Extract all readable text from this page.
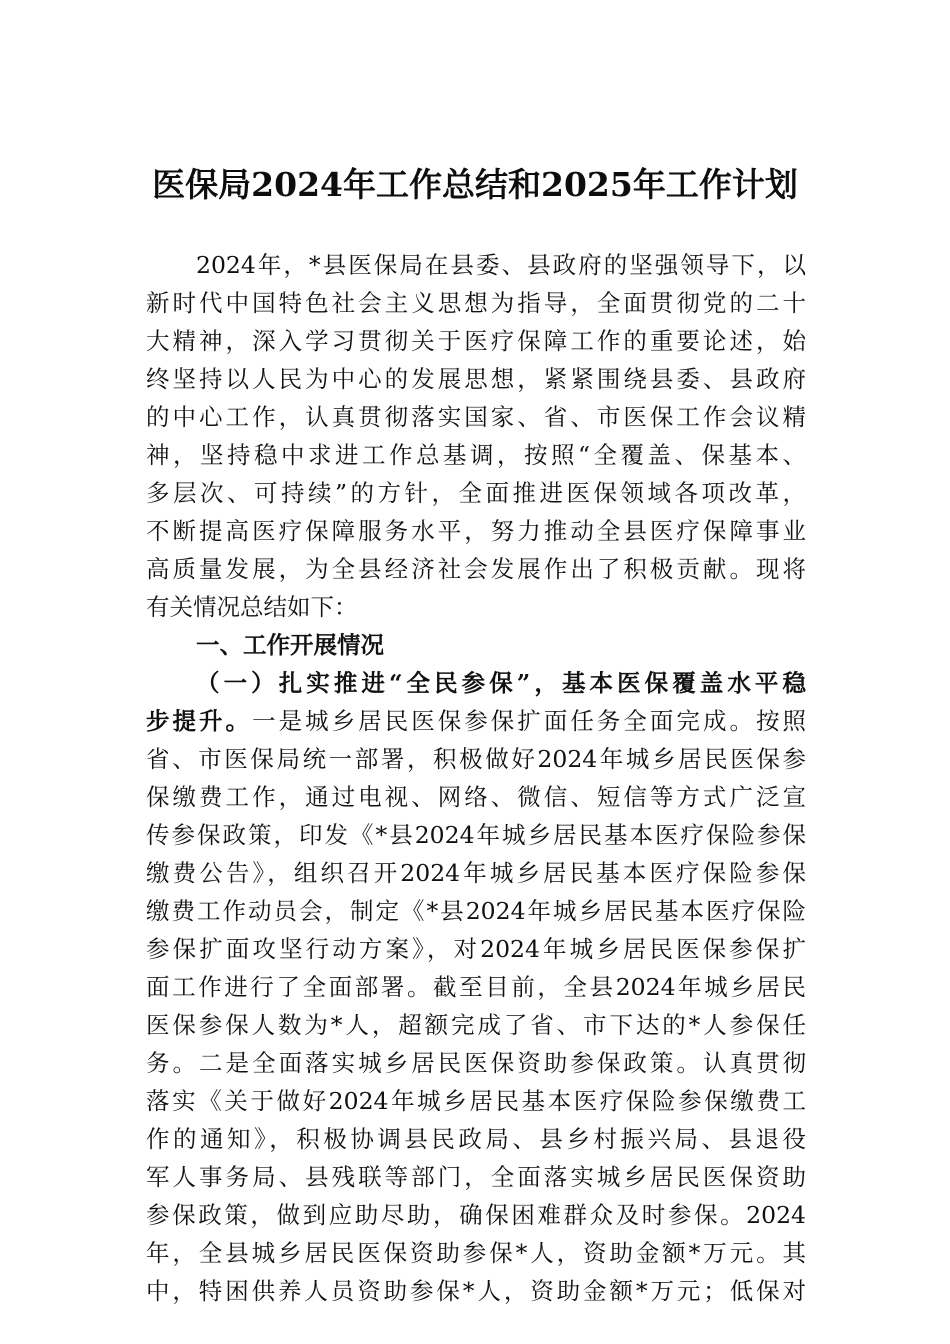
医保局2024年工作总结和2025年工作计划
2024年，*县医保局在县委、县政府的坚强领导下，以
新时代中国特色社会主义思想为指导，全面贯彻党的二十
大精神，深入学习贯彻关于医疗保障工作的重要论述，始
终坚持以人民为中心的发展思想，紧紧围绕县委、县政府
的中心工作，认真贯彻落实国家、省、市医保工作会议精
神，坚持稳中求进工作总基调，按照“全覆盖、保基本、
多层次、可持续”的方针，全面推进医保领域各项改革，
不断提高医疗保障服务水平，努力推动全县医疗保障事业
高质量发展，为全县经济社会发展作出了积极贡献。现将
有关情况总结如下：
一、工作开展情况
（一）扎实推进“全民参保”，基本医保覆盖水平稳
步提升。一是城乡居民医保参保扩面任务全面完成。按照
省、市医保局统一部署，积极做好2024年城乡居民医保参
保缴费工作，通过电视、网络、微信、短信等方式广泛宣
传参保政策，印发《*县2024年城乡居民基本医疗保险参保
缴费公告》，组织召开2024年城乡居民基本医疗保险参保
缴费工作动员会，制定《*县2024年城乡居民基本医疗保险
参保扩面攻坚行动方案》，对2024年城乡居民医保参保扩
面工作进行了全面部署。截至目前，全县2024年城乡居民
医保参保人数为*人，超额完成了省、市下达的*人参保任
务。二是全面落实城乡居民医保资助参保政策。认真贯彻
落实《关于做好2024年城乡居民基本医疗保险参保缴费工
作的通知》，积极协调县民政局、县乡村振兴局、县退役
军人事务局、县残联等部门，全面落实城乡居民医保资助
参保政策，做到应助尽助，确保困难群众及时参保。2024
年，全县城乡居民医保资助参保*人，资助金额*万元。其
中，特困供养人员资助参保*人，资助金额*万元；低保对
